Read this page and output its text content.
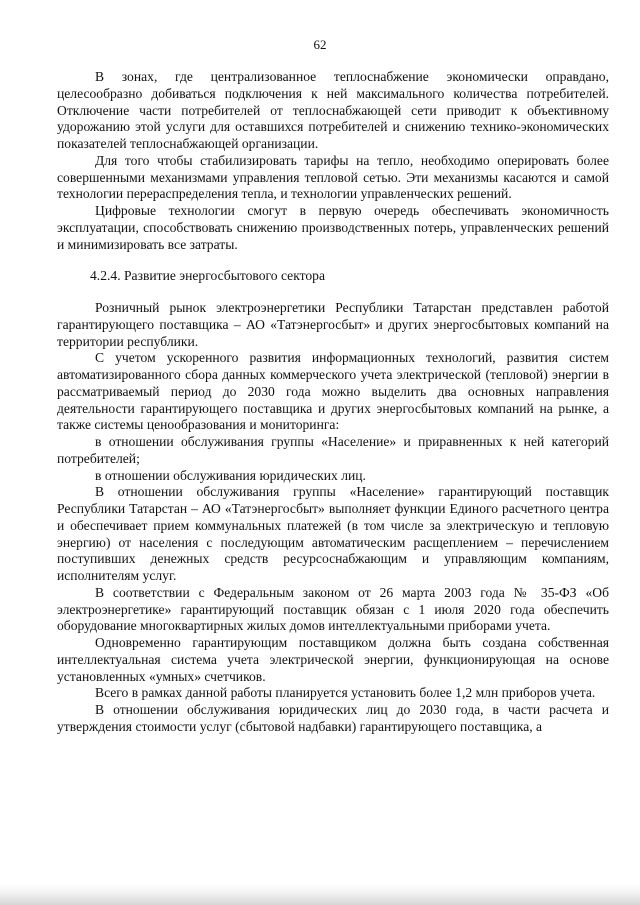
62

В зонах, где централизованное теплоснабжение экономически оправдано, целесообразно добиваться подключения к ней максимального количества потребителей. Отключение части потребителей от теплоснабжающей сети приводит к объективному удорожанию этой услуги для оставшихся потребителей и снижению технико-экономических показателей теплоснабжающей организации.

Для того чтобы стабилизировать тарифы на тепло, необходимо оперировать более совершенными механизмами управления тепловой сетью. Эти механизмы касаются и самой технологии перераспределения тепла, и технологии управленческих решений.

Цифровые технологии смогут в первую очередь обеспечивать экономичность эксплуатации, способствовать снижению производственных потерь, управленческих решений и минимизировать все затраты.

4.2.4. Развитие энергосбытового сектора

Розничный рынок электроэнергетики Республики Татарстан представлен работой гарантирующего поставщика – АО «Татэнергосбыт» и других энергосбытовых компаний на территории республики.

С учетом ускоренного развития информационных технологий, развития систем автоматизированного сбора данных коммерческого учета электрической (тепловой) энергии в рассматриваемый период до 2030 года можно выделить два основных направления деятельности гарантирующего поставщика и других энергосбытовых компаний на рынке, а также системы ценообразования и мониторинга:

в отношении обслуживания группы «Население» и приравненных к ней категорий потребителей;

в отношении обслуживания юридических лиц.

В отношении обслуживания группы «Население» гарантирующий поставщик Республики Татарстан – АО «Татэнергосбыт» выполняет функции Единого расчетного центра и обеспечивает прием коммунальных платежей (в том числе за электрическую и тепловую энергию) от населения с последующим автоматическим расщеплением – перечислением поступивших денежных средств ресурсоснабжающим и управляющим компаниям, исполнителям услуг.

В соответствии с Федеральным законом от 26 марта 2003 года № 35-ФЗ «Об электроэнергетике» гарантирующий поставщик обязан с 1 июля 2020 года обеспечить оборудование многоквартирных жилых домов интеллектуальными приборами учета.

Одновременно гарантирующим поставщиком должна быть создана собственная интеллектуальная система учета электрической энергии, функционирующая на основе установленных «умных» счетчиков.

Всего в рамках данной работы планируется установить более 1,2 млн приборов учета.

В отношении обслуживания юридических лиц до 2030 года, в части расчета и утверждения стоимости услуг (сбытовой надбавки) гарантирующего поставщика, а
